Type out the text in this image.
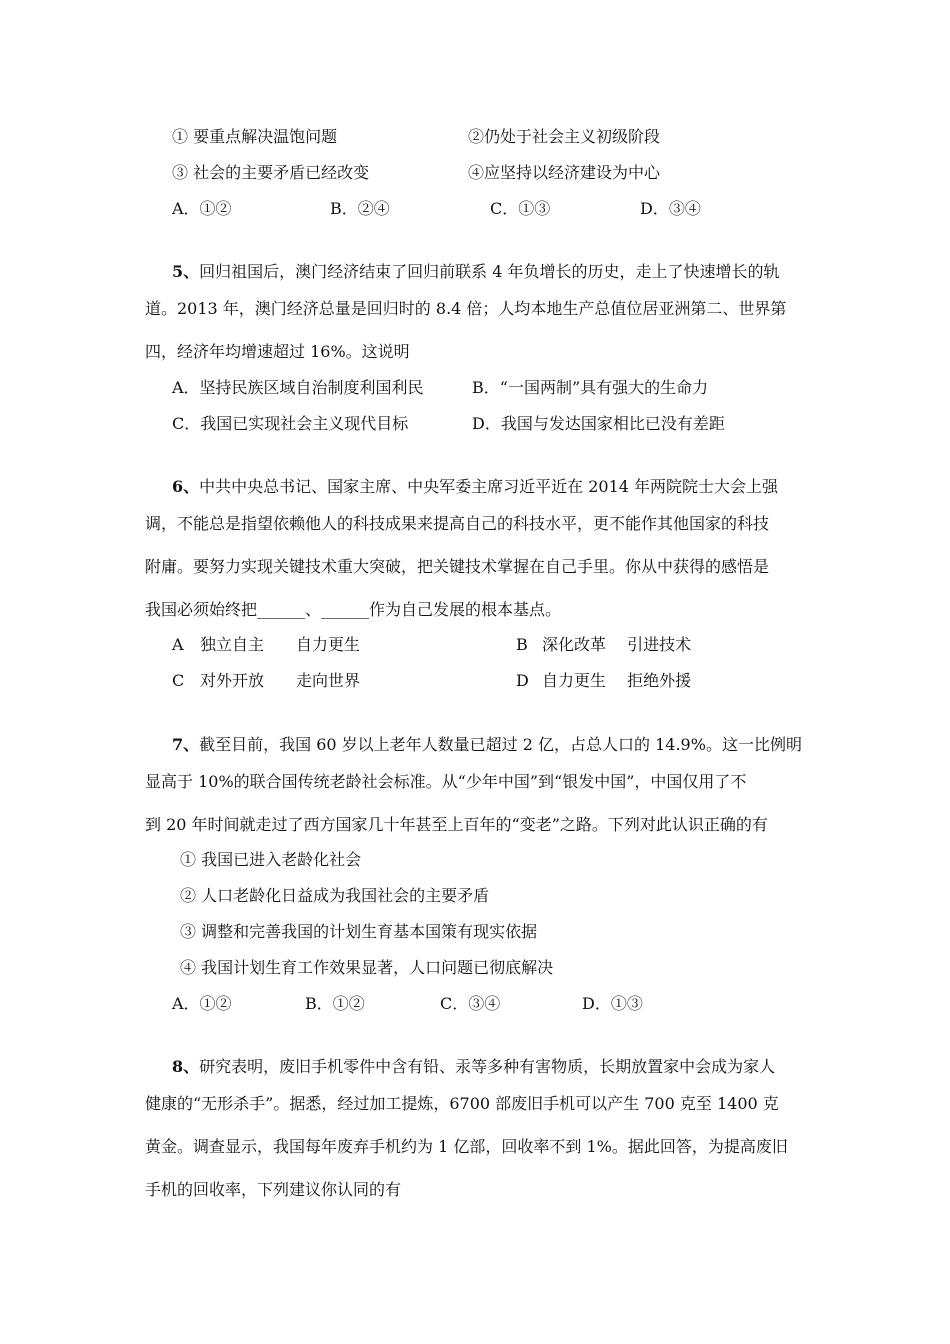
① 要重点解决温饱问题	②仍处于社会主义初级阶段
③ 社会的主要矛盾已经改变	④应坚持以经济建设为中心
A．①②	B．②④	C．①③	D．③④
5、回归祖国后，澳门经济结束了回归前联系 4 年负增长的历史，走上了快速增长的轨
道。2013 年，澳门经济总量是回归时的 8.4 倍；人均本地生产总值位居亚洲第二、世界第
四，经济年均增速超过 16%。这说明
A．坚持民族区域自治制度利国利民	B．“一国两制”具有强大的生命力
C．我国已实现社会主义现代目标	D．我国与发达国家相比已没有差距
6、中共中央总书记、国家主席、中央军委主席习近平近在 2014 年两院院士大会上强
调，不能总是指望依赖他人的科技成果来提高自己的科技水平，更不能作其他国家的科技
附庸。要努力实现关键技术重大突破，把关键技术掌握在自己手里。你从中获得的感悟是
我国必须始终把______、______作为自己发展的根本基点。
A 独立自主　　自力更生	B 深化改革　 引进技术
C 对外开放　　走向世界	D 自力更生　 拒绝外援
7、截至目前，我国 60 岁以上老年人数量已超过 2 亿，占总人口的 14.9%。这一比例明
显高于 10%的联合国传统老龄社会标准。从“少年中国”到“银发中国”，中国仅用了不
到 20 年时间就走过了西方国家几十年甚至上百年的“变老”之路。下列对此认识正确的有
① 我国已进入老龄化社会
② 人口老龄化日益成为我国社会的主要矛盾
③ 调整和完善我国的计划生育基本国策有现实依据
④ 我国计划生育工作效果显著，人口问题已彻底解决
A．①②	B．①②	C．③④	D．①③
8、研究表明，废旧手机零件中含有铅、汞等多种有害物质，长期放置家中会成为家人
健康的“无形杀手”。据悉，经过加工提炼，6700 部废旧手机可以产生 700 克至 1400 克
黄金。调查显示，我国每年废弃手机约为 1 亿部，回收率不到 1%。据此回答，为提高废旧
手机的回收率，下列建议你认同的有
